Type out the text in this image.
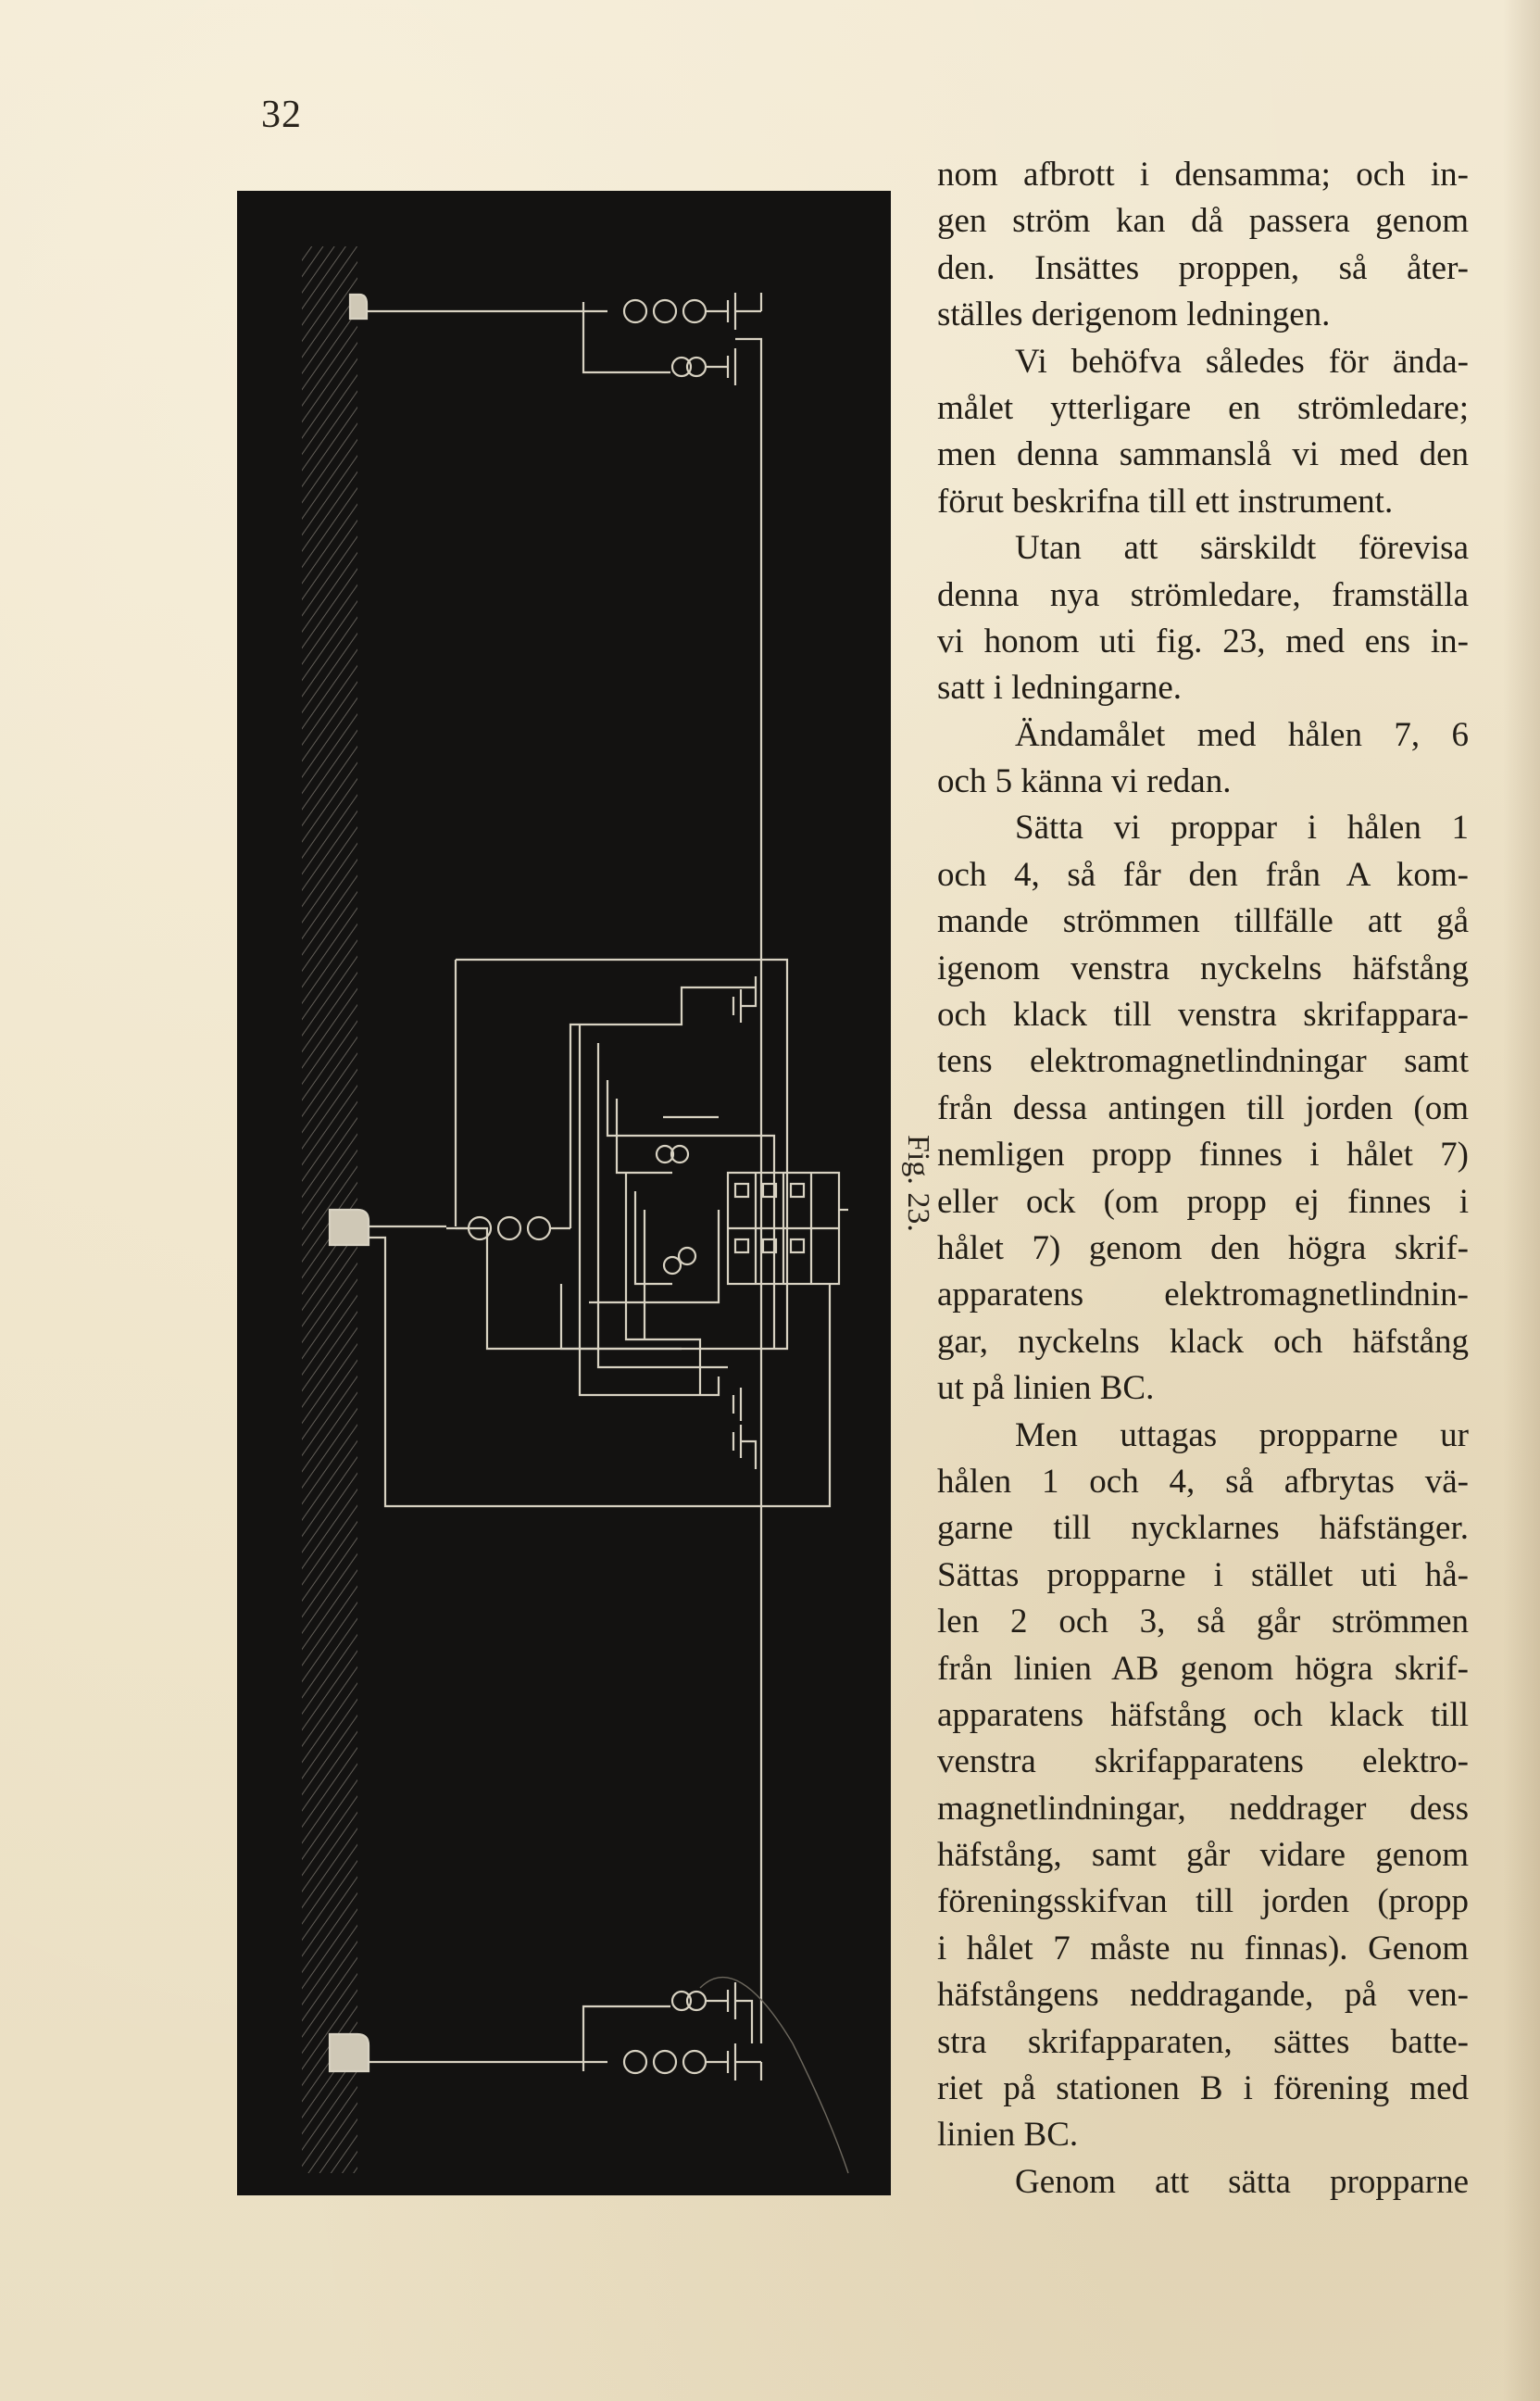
32
Fig. 23.
nom afbrott i densamma; och in-
gen ström kan då passera genom
den. Insättes proppen, så åter-
ställes derigenom ledningen.
Vi behöfva således för ända-
målet ytterligare en strömledare;
men denna sammanslå vi med den
förut beskrifna till ett instrument.
Utan att särskildt förevisa
denna nya strömledare, framställa
vi honom uti fig. 23, med ens in-
satt i ledningarne.
Ändamålet med hålen 7, 6
och 5 känna vi redan.
Sätta vi proppar i hålen 1
och 4, så får den från A kom-
mande strömmen tillfälle att gå
igenom venstra nyckelns häfstång
och klack till venstra skrifappara-
tens elektromagnetlindningar samt
från dessa antingen till jorden (om
nemligen propp finnes i hålet 7)
eller ock (om propp ej finnes i
hålet 7) genom den högra skrif-
apparatens elektromagnetlindnin-
gar, nyckelns klack och häfstång
ut på linien BC.
Men uttagas propparne ur
hålen 1 och 4, så afbrytas vä-
garne till nycklarnes häfstänger.
Sättas propparne i stället uti hå-
len 2 och 3, så går strömmen
från linien AB genom högra skrif-
apparatens häfstång och klack till
venstra skrifapparatens elektro-
magnetlindningar, neddrager dess
häfstång, samt går vidare genom
föreningsskifvan till jorden (propp
i hålet 7 måste nu finnas). Genom
häfstångens neddragande, på ven-
stra skrifapparaten, sättes batte-
riet på stationen B i förening med
linien BC.
Genom att sätta propparne
